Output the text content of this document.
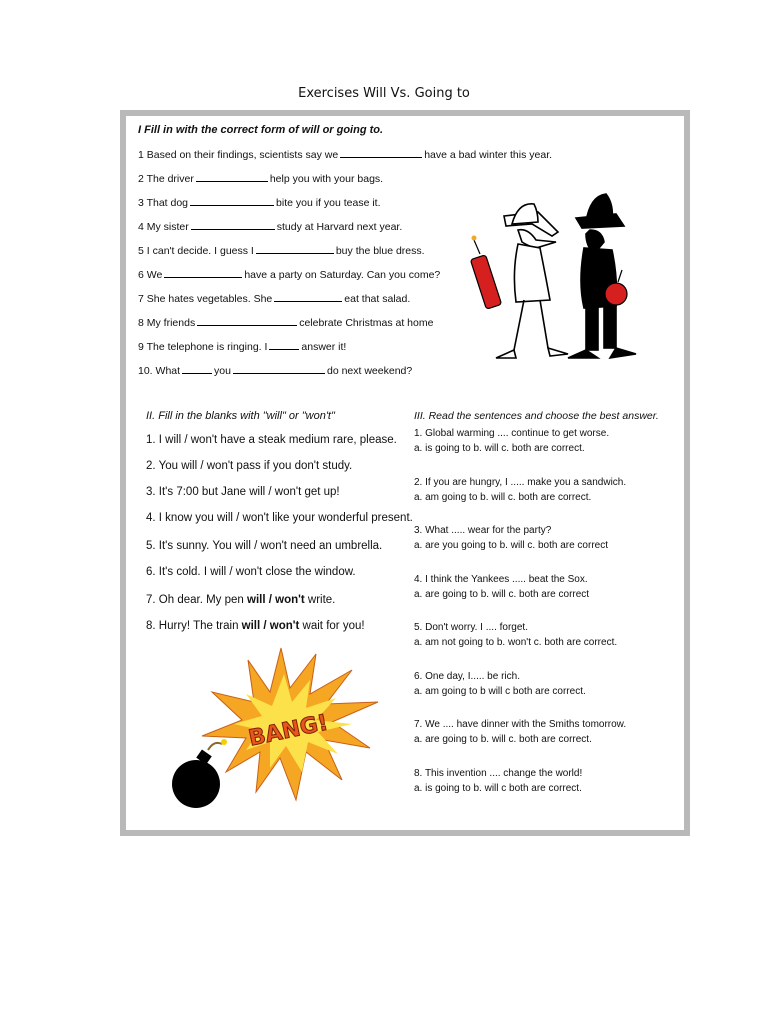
Exercises Will Vs. Going to
I Fill in with the correct form of will or going to.
1 Based on their findings, scientists say we	have a bad winter this year.
2 The driver	help you with your bags.
3 That dog	bite you if you tease it.
4 My sister	study at Harvard next year.
5 I can't decide. I guess I	buy the blue dress.
6 We	have a party on Saturday. Can you come?
7 She hates vegetables. She	eat that salad.
8 My friends	celebrate Christmas at home
9 The telephone is ringing. I	answer it!
10. What	you	do next weekend?
II. Fill in the blanks with "will" or "won't"
1. I will / won't have a steak medium rare, please.
2. You will / won't pass if you don't study.
3. It's 7:00 but Jane will / won't get up!
4. I know you will / won't like your wonderful present.
5. It's sunny. You will / won't need an umbrella.
6. It's cold. I will / won't close the window.
7. Oh dear. My pen will / won't write.
8. Hurry! The train will / won't wait for you!
III. Read the sentences and choose the best answer.
1. Global warming .... continue to get worse.
a. is going to b. will c. both are correct.
2. If you are hungry, I ..... make you a sandwich.
a. am going to b. will c. both are correct.
3. What ..... wear for the party?
a. are you going to b. will c. both are correct
4. I think the Yankees ..... beat the Sox.
a. are going to b. will c. both are correct
5. Don't worry. I .... forget.
a. am not going to b. won't c. both are correct.
6. One day, I..... be rich.
a. am going to b will c both are correct.
7. We .... have dinner with the Smiths tomorrow.
a. are going to b. will c. both are correct.
8. This invention .... change the world!
a. is going to b. will c both are correct.
BANG!
